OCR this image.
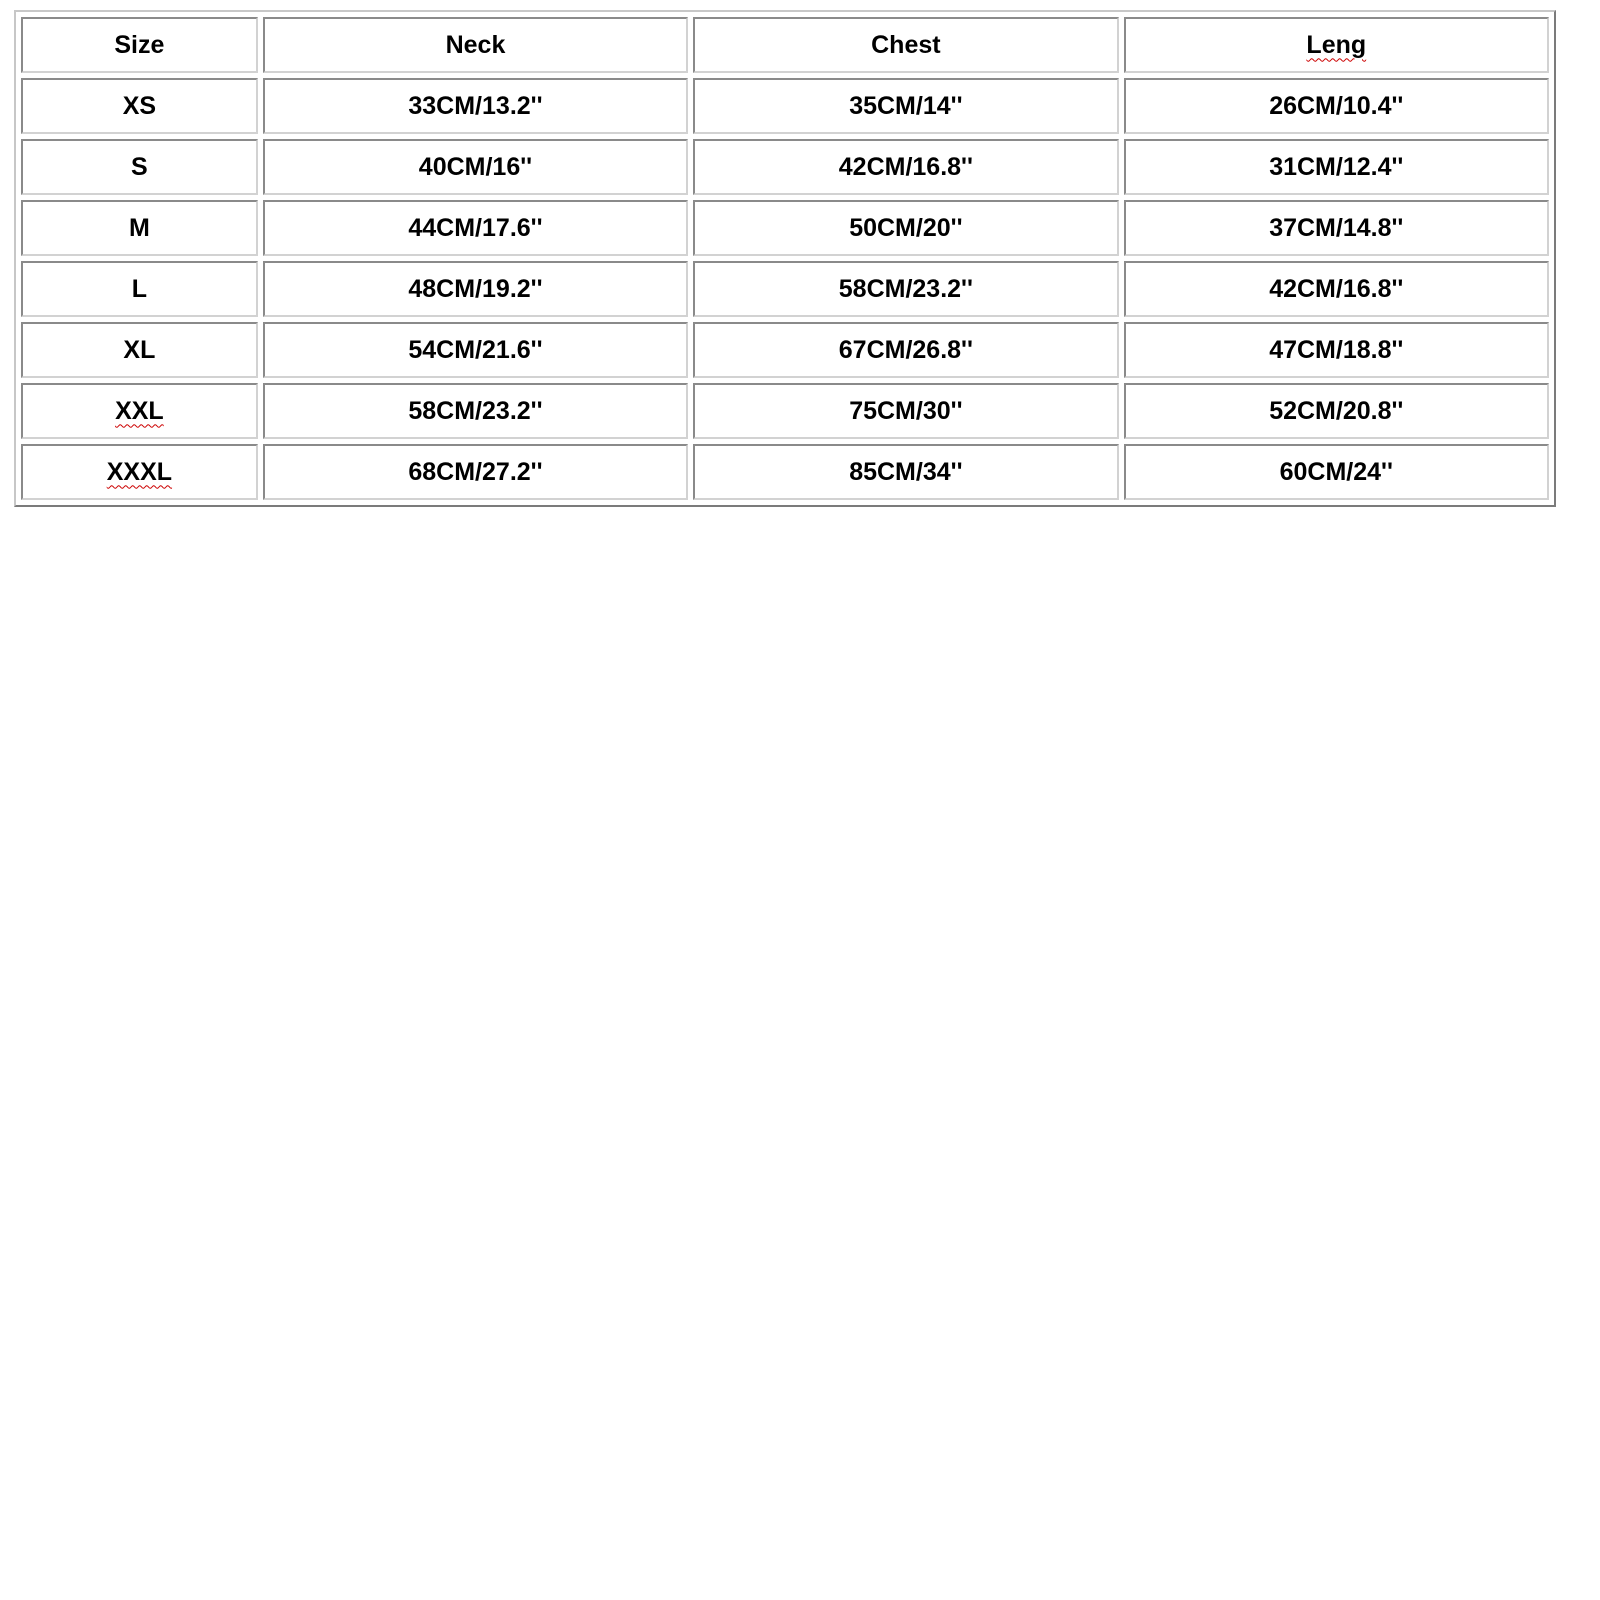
Size	Neck	Chest	Leng
XS	33CM/13.2''	35CM/14''	26CM/10.4''
S	40CM/16''	42CM/16.8''	31CM/12.4''
M	44CM/17.6''	50CM/20''	37CM/14.8''
L	48CM/19.2''	58CM/23.2''	42CM/16.8''
XL	54CM/21.6''	67CM/26.8''	47CM/18.8''
XXL	58CM/23.2''	75CM/30''	52CM/20.8''
XXXL	68CM/27.2''	85CM/34''	60CM/24''
